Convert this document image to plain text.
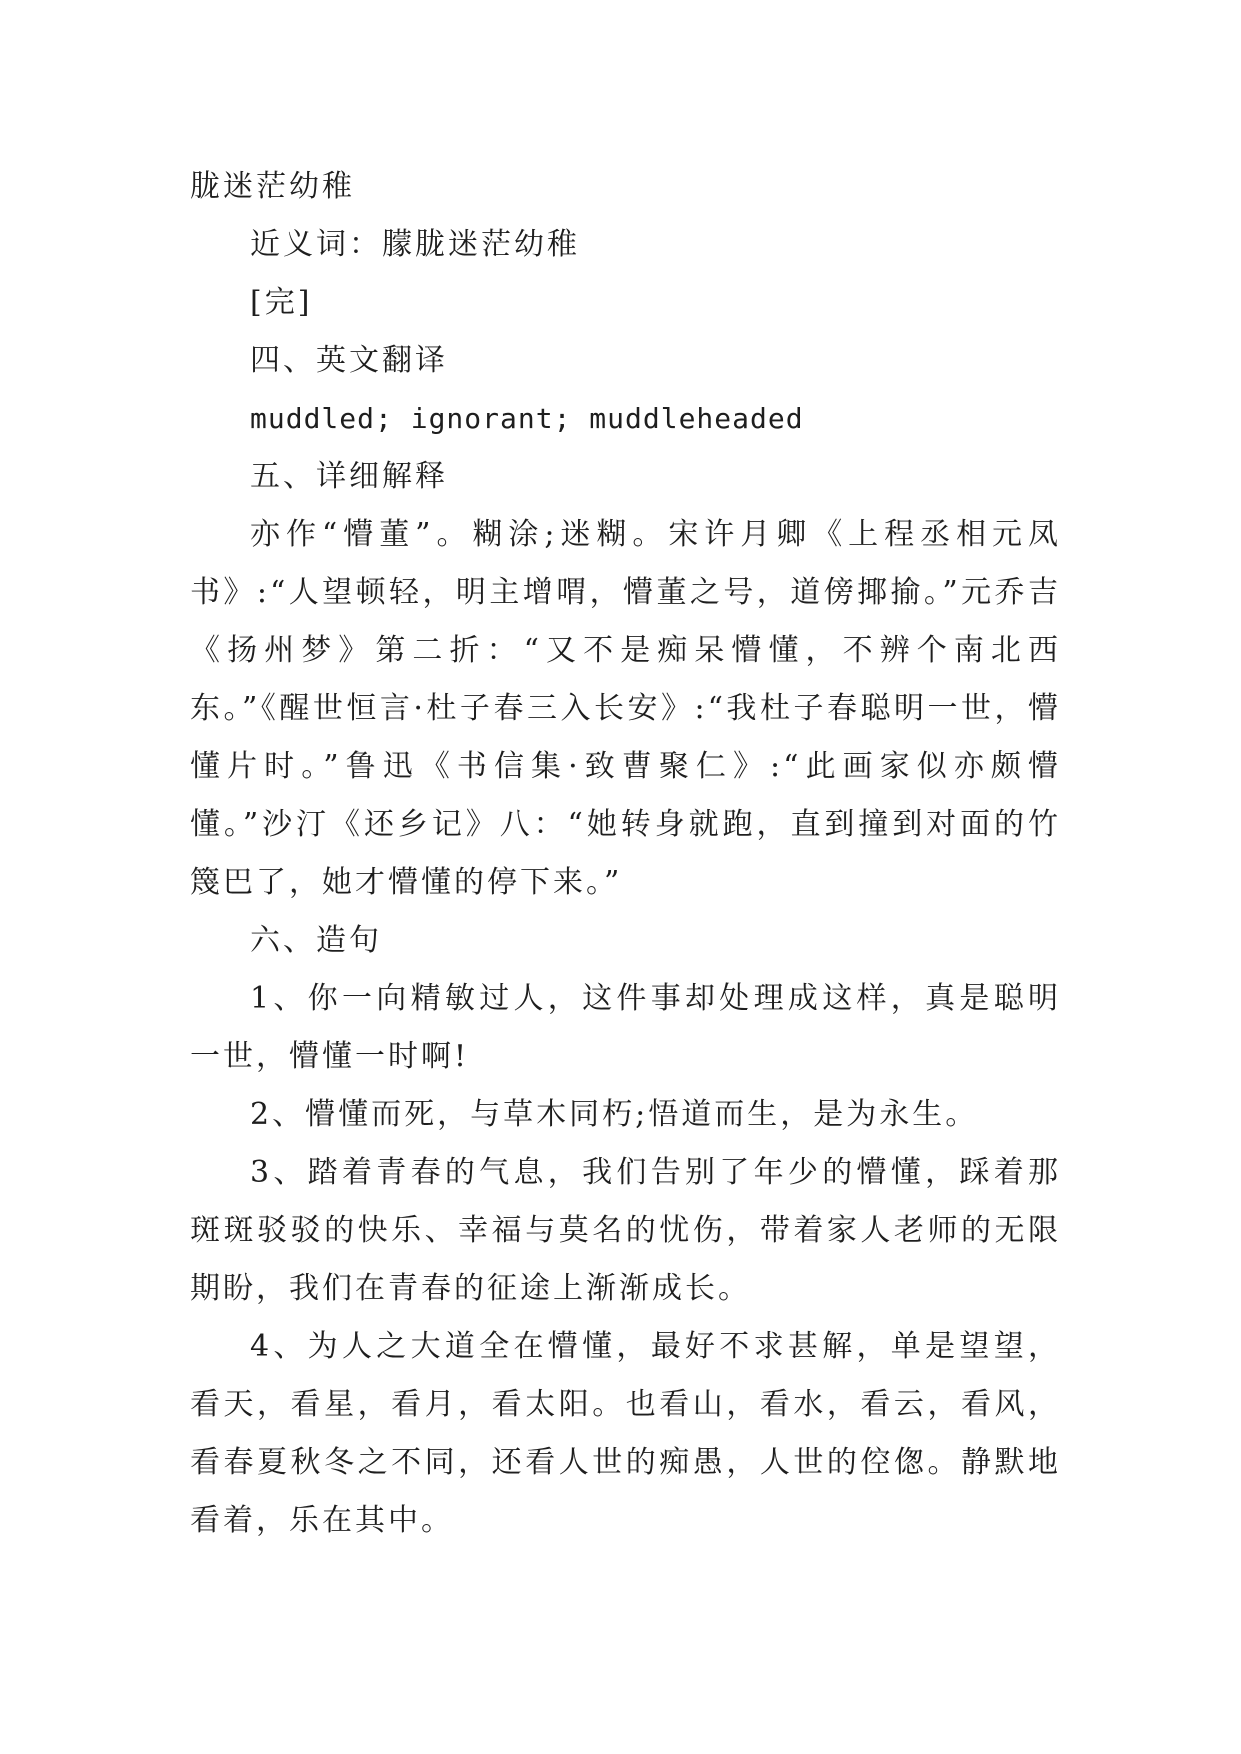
胧迷茫幼稚

近义词：朦胧迷茫幼稚

[完]

四、英文翻译

muddled; ignorant; muddleheaded

五、详细解释

亦作“懵董”。糊涂;迷糊。宋许月卿《上程丞相元凤书》:“人望顿轻，明主增喟，懵董之号，道傍揶揄。”元乔吉《扬州梦》第二折：“又不是痴呆懵懂，不辨个南北西东。”《醒世恒言·杜子春三入长安》:“我杜子春聪明一世，懵懂片时。”鲁迅《书信集·致曹聚仁》:“此画家似亦颇懵懂。”沙汀《还乡记》八：“她转身就跑，直到撞到对面的竹篾巴了，她才懵懂的停下来。”

六、造句

1、你一向精敏过人，这件事却处理成这样，真是聪明一世，懵懂一时啊!

2、懵懂而死，与草木同朽;悟道而生，是为永生。

3、踏着青春的气息，我们告别了年少的懵懂，踩着那斑斑驳驳的快乐、幸福与莫名的忧伤，带着家人老师的无限期盼，我们在青春的征途上渐渐成长。

4、为人之大道全在懵懂，最好不求甚解，单是望望，看天，看星，看月，看太阳。也看山，看水，看云，看风，看春夏秋冬之不同，还看人世的痴愚，人世的倥偬。静默地看着，乐在其中。
